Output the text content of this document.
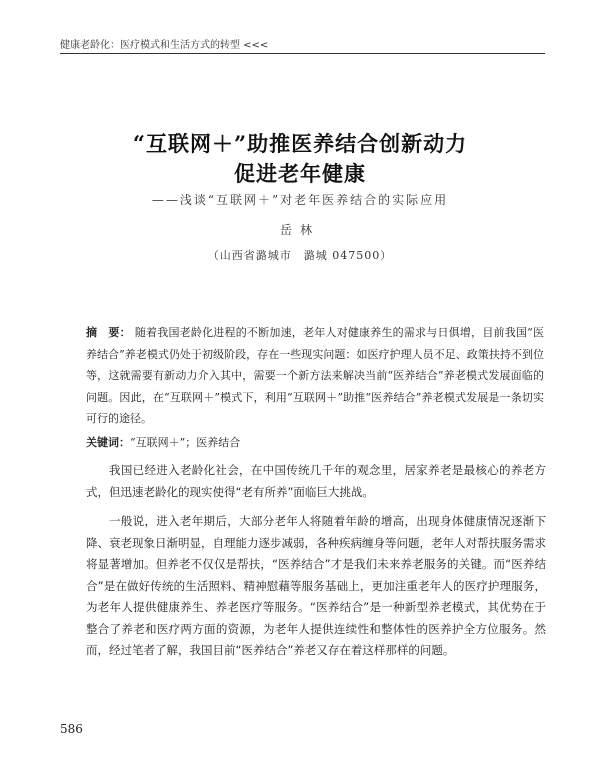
健康老龄化：医疗模式和生活方式的转型 <<<
“互联网＋”助推医养结合创新动力
促进老年健康
——浅谈“互联网＋”对老年医养结合的实际应用
岳林
（山西省潞城市　潞城 047500）
摘　要： 随着我国老龄化进程的不断加速，老年人对健康养生的需求与日俱增，目前我国“医养结合”养老模式仍处于初级阶段，存在一些现实问题：如医疗护理人员不足、政策扶持不到位等，这就需要有新动力介入其中，需要一个新方法来解决当前“医养结合”养老模式发展面临的问题。因此，在“互联网＋”模式下，利用“互联网＋”助推“医养结合”养老模式发展是一条切实可行的途径。
关键词：“互联网＋”；医养结合

我国已经进入老龄化社会，在中国传统几千年的观念里，居家养老是最核心的养老方式，但迅速老龄化的现实使得“老有所养”面临巨大挑战。

一般说，进入老年期后，大部分老年人将随着年龄的增高，出现身体健康情况逐渐下降、衰老现象日渐明显，自理能力逐步减弱，各种疾病缠身等问题，老年人对帮扶服务需求将显著增加。但养老不仅仅是帮扶，“医养结合”才是我们未来养老服务的关键。而“医养结合”是在做好传统的生活照料、精神慰藉等服务基础上，更加注重老年人的医疗护理服务，为老年人提供健康养生、养老医疗等服务。“医养结合”是一种新型养老模式，其优势在于整合了养老和医疗两方面的资源，为老年人提供连续性和整体性的医养护全方位服务。然而，经过笔者了解，我国目前“医养结合”养老又存在着这样那样的问题。

586
